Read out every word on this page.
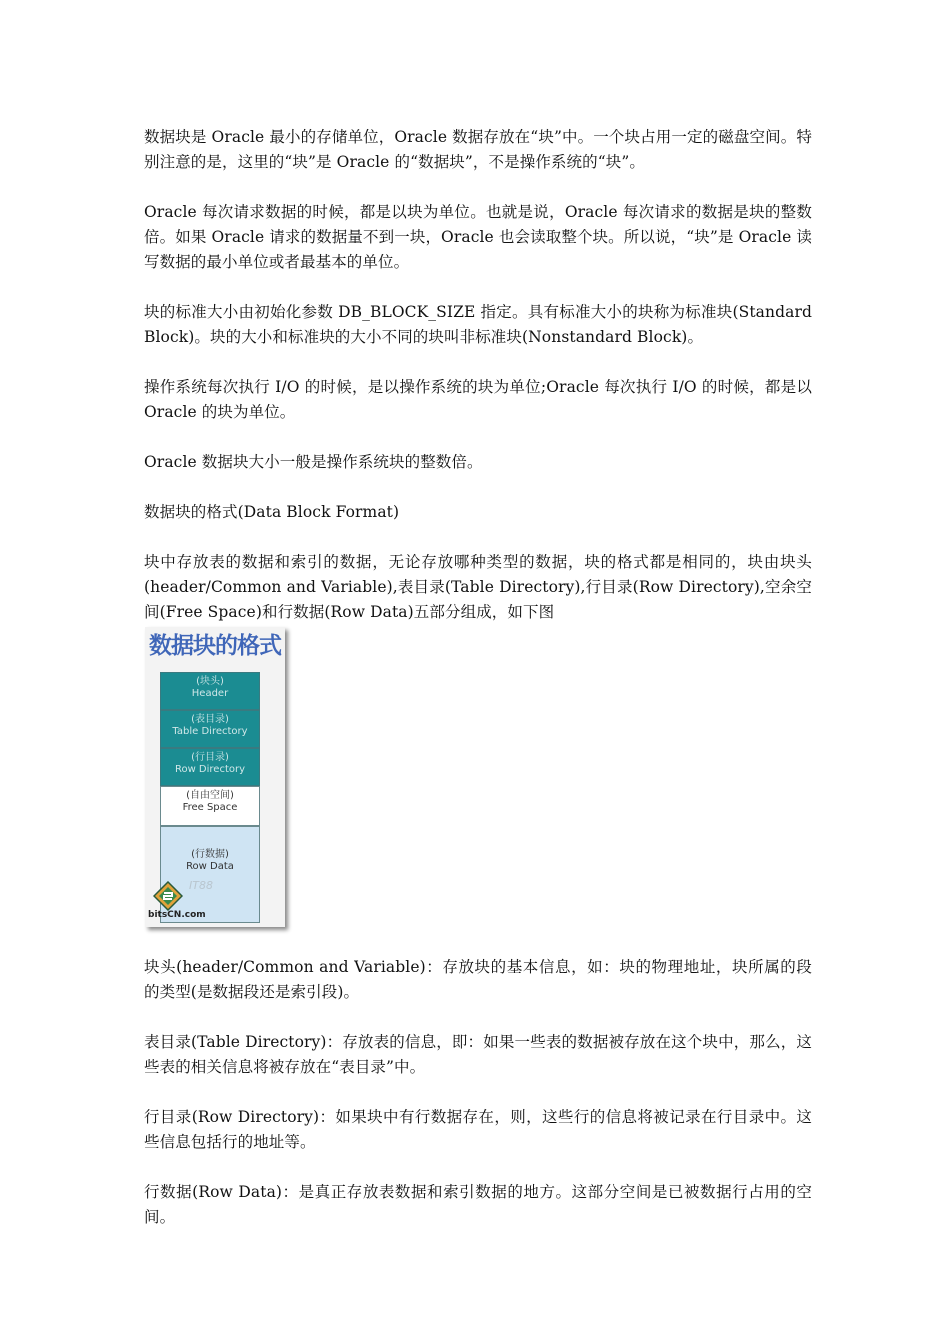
数据块是 Oracle 最小的存储单位，Oracle 数据存放在“块”中。一个块占用一定的磁盘空间。特别注意的是，这里的“块”是 Oracle 的“数据块”，不是操作系统的“块”。

Oracle 每次请求数据的时候，都是以块为单位。也就是说，Oracle 每次请求的数据是块的整数倍。如果 Oracle 请求的数据量不到一块，Oracle 也会读取整个块。所以说，“块”是 Oracle 读写数据的最小单位或者最基本的单位。

块的标准大小由初始化参数 DB_BLOCK_SIZE 指定。具有标准大小的块称为标准块(Standard Block)。块的大小和标准块的大小不同的块叫非标准块(Nonstandard Block)。

操作系统每次执行 I/O 的时候，是以操作系统的块为单位;Oracle 每次执行 I/O 的时候，都是以 Oracle 的块为单位。

Oracle 数据块大小一般是操作系统块的整数倍。

数据块的格式(Data Block Format)

块中存放表的数据和索引的数据，无论存放哪种类型的数据，块的格式都是相同的，块由块头(header/Common and Variable),表目录(Table Directory),行目录(Row Directory),空余空间(Free Space)和行数据(Row Data)五部分组成，如下图

数据块的格式
(块头)
Header
(表目录)
Table Directory
(行目录)
Row Directory
(自由空间)
Free Space
(行数据)
Row Data
IT88
bitsCN.com

块头(header/Common and Variable)：存放块的基本信息，如：块的物理地址，块所属的段的类型(是数据段还是索引段)。

表目录(Table Directory)：存放表的信息，即：如果一些表的数据被存放在这个块中，那么，这些表的相关信息将被存放在“表目录”中。

行目录(Row Directory)：如果块中有行数据存在，则，这些行的信息将被记录在行目录中。这些信息包括行的地址等。

行数据(Row Data)：是真正存放表数据和索引数据的地方。这部分空间是已被数据行占用的空间。
